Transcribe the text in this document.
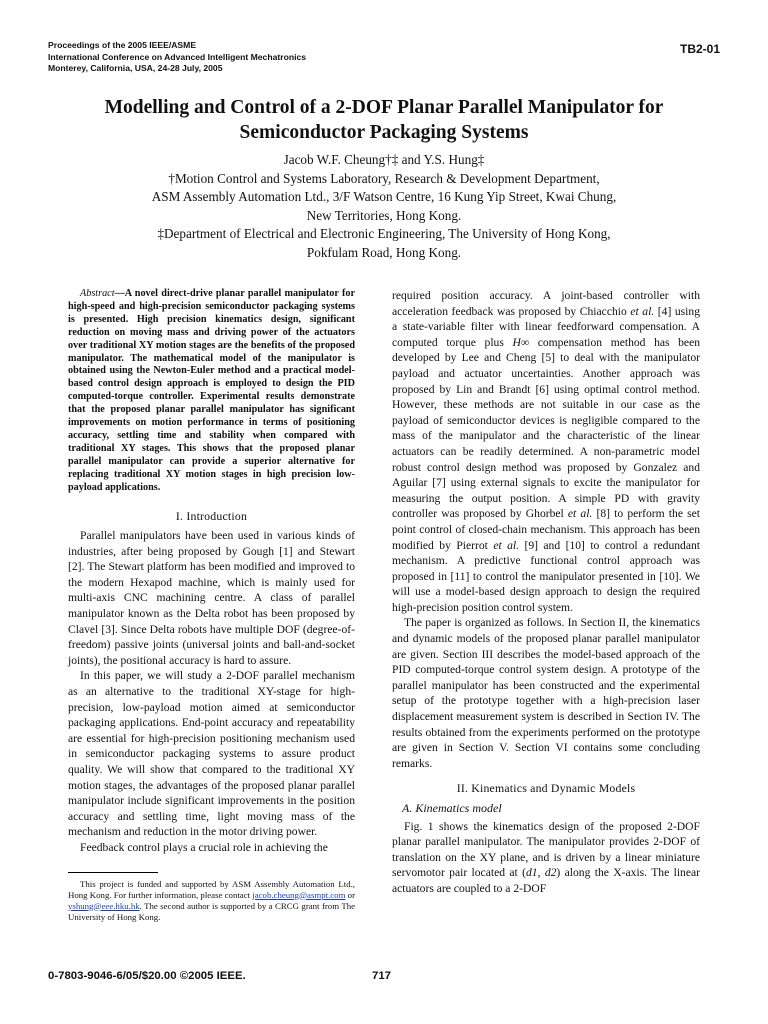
Proceedings of the 2005 IEEE/ASME
International Conference on Advanced Intelligent Mechatronics
Monterey, California, USA, 24-28 July, 2005
TB2-01
Modelling and Control of a 2-DOF Planar Parallel Manipulator for
Semiconductor Packaging Systems
Jacob W.F. Cheung†‡ and Y.S. Hung‡
†Motion Control and Systems Laboratory, Research & Development Department,
ASM Assembly Automation Ltd., 3/F Watson Centre, 16 Kung Yip Street, Kwai Chung,
New Territories, Hong Kong.
‡Department of Electrical and Electronic Engineering, The University of Hong Kong,
Pokfulam Road, Hong Kong.

Abstract—A novel direct-drive planar parallel manipulator for high-speed and high-precision semiconductor packaging systems is presented. High precision kinematics design, significant reduction on moving mass and driving power of the actuators over traditional XY motion stages are the benefits of the proposed manipulator. The mathematical model of the manipulator is obtained using the Newton-Euler method and a practical model-based control design approach is employed to design the PID computed-torque controller. Experimental results demonstrate that the proposed planar parallel manipulator has significant improvements on motion performance in terms of positioning accuracy, settling time and stability when compared with traditional XY stages. This shows that the proposed planar parallel manipulator can provide a superior alternative for replacing traditional XY motion stages in high precision low-payload applications.

I. Introduction

Parallel manipulators have been used in various kinds of industries, after being proposed by Gough [1] and Stewart [2]. The Stewart platform has been modified and improved to the modern Hexapod machine, which is mainly used for multi-axis CNC machining centre. A class of parallel manipulator known as the Delta robot has been proposed by Clavel [3]. Since Delta robots have multiple DOF (degree-of-freedom) passive joints (universal joints and ball-and-socket joints), the positional accuracy is hard to assure.

In this paper, we will study a 2-DOF parallel mechanism as an alternative to the traditional XY-stage for high-precision, low-payload motion aimed at semiconductor packaging applications. End-point accuracy and repeatability are essential for high-precision positioning mechanism used in semiconductor packaging systems to assure product quality. We will show that compared to the traditional XY motion stages, the advantages of the proposed planar parallel manipulator include significant improvements in the position accuracy and settling time, light moving mass of the mechanism and reduction in the motor driving power.

Feedback control plays a crucial role in achieving the

This project is funded and supported by ASM Assembly Automation Ltd., Hong Kong. For further information, please contact jacob.cheung@asmpt.com or yshung@eee.hku.hk. The second author is supported by a CRCG grant from The University of Hong Kong.

required position accuracy. A joint-based controller with acceleration feedback was proposed by Chiacchio et al. [4] using a state-variable filter with linear feedforward compensation. A computed torque plus H∞ compensation method has been developed by Lee and Cheng [5] to deal with the manipulator payload and actuator uncertainties. Another approach was proposed by Lin and Brandt [6] using optimal control method. However, these methods are not suitable in our case as the payload of semiconductor devices is negligible compared to the mass of the manipulator and the characteristic of the linear actuators can be readily determined. A non-parametric model robust control design method was proposed by Gonzalez and Aguilar [7] using external signals to excite the manipulator for measuring the output position. A simple PD with gravity controller was proposed by Ghorbel et al. [8] to perform the set point control of closed-chain mechanism. This approach has been modified by Pierrot et al. [9] and [10] to control a redundant mechanism. A predictive functional control approach was proposed in [11] to control the manipulator presented in [10]. We will use a model-based design approach to design the required high-precision position control system.

The paper is organized as follows. In Section II, the kinematics and dynamic models of the proposed planar parallel manipulator are given. Section III describes the model-based approach of the PID computed-torque control system design. A prototype of the parallel manipulator has been constructed and the experimental setup of the prototype together with a high-precision laser displacement measurement system is described in Section IV. The results obtained from the experiments performed on the prototype are given in Section V. Section VI contains some concluding remarks.

II. Kinematics and Dynamic Models
A. Kinematics model

Fig. 1 shows the kinematics design of the proposed 2-DOF planar parallel manipulator. The manipulator provides 2-DOF of translation on the XY plane, and is driven by a linear miniature servomotor pair located at (d1, d2) along the X-axis. The linear actuators are coupled to a 2-DOF

0-7803-9046-6/05/$20.00 ©2005 IEEE.	717
